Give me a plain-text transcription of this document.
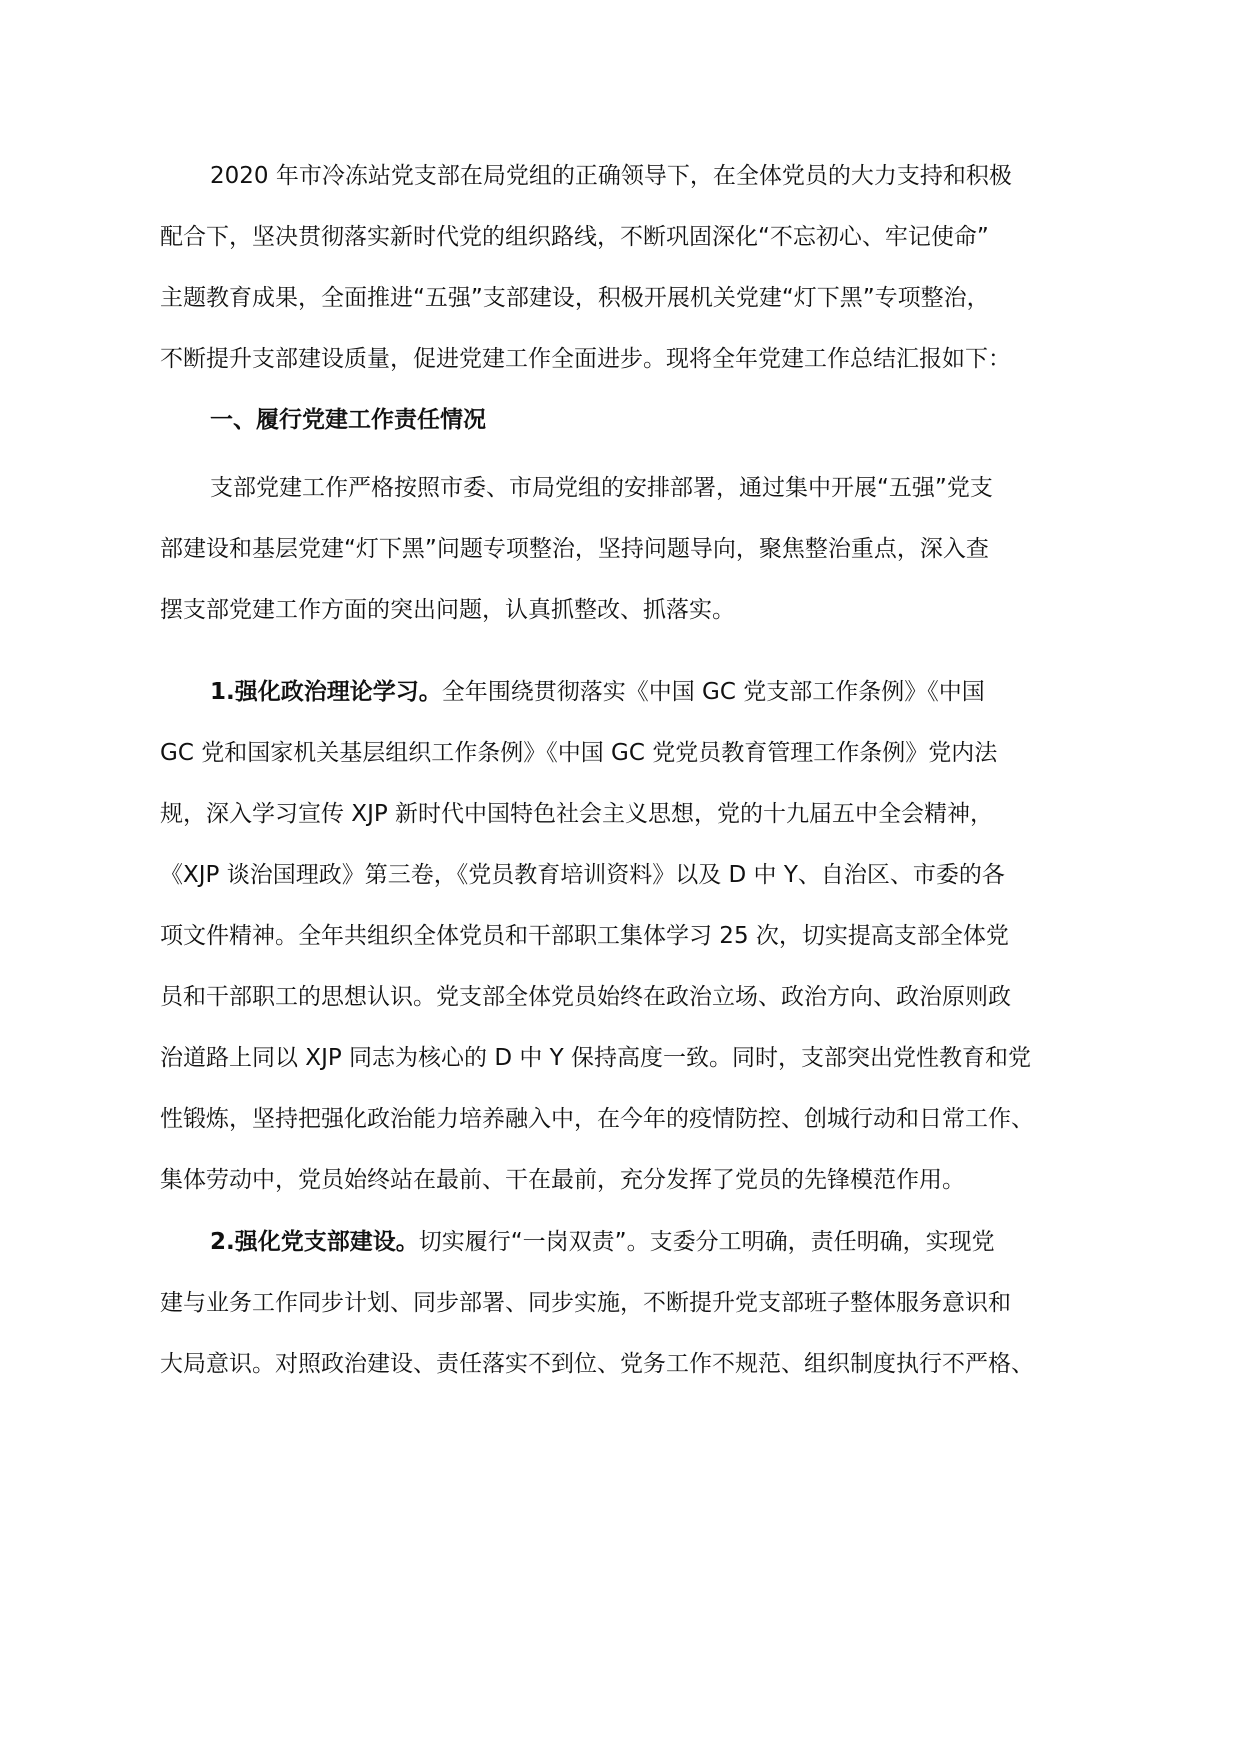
2020 年市冷冻站党支部在局党组的正确领导下，在全体党员的大力支持和积极
配合下，坚决贯彻落实新时代党的组织路线，不断巩固深化“不忘初心、牢记使命”
主题教育成果，全面推进“五强”支部建设，积极开展机关党建“灯下黑”专项整治，
不断提升支部建设质量，促进党建工作全面进步。现将全年党建工作总结汇报如下：
一、履行党建工作责任情况
支部党建工作严格按照市委、市局党组的安排部署，通过集中开展“五强”党支
部建设和基层党建“灯下黑”问题专项整治，坚持问题导向，聚焦整治重点，深入查
摆支部党建工作方面的突出问题，认真抓整改、抓落实。
1.强化政治理论学习。全年围绕贯彻落实《中国 GC 党支部工作条例》《中国
GC 党和国家机关基层组织工作条例》《中国 GC 党党员教育管理工作条例》党内法
规，深入学习宣传 XJP 新时代中国特色社会主义思想，党的十九届五中全会精神，
《XJP 谈治国理政》第三卷，《党员教育培训资料》以及 D 中 Y、自治区、市委的各
项文件精神。全年共组织全体党员和干部职工集体学习 25 次，切实提高支部全体党
员和干部职工的思想认识。党支部全体党员始终在政治立场、政治方向、政治原则政
治道路上同以 XJP 同志为核心的 D 中 Y 保持高度一致。同时，支部突出党性教育和党
性锻炼，坚持把强化政治能力培养融入中，在今年的疫情防控、创城行动和日常工作、
集体劳动中，党员始终站在最前、干在最前，充分发挥了党员的先锋模范作用。
2.强化党支部建设。切实履行“一岗双责”。支委分工明确，责任明确，实现党
建与业务工作同步计划、同步部署、同步实施，不断提升党支部班子整体服务意识和
大局意识。对照政治建设、责任落实不到位、党务工作不规范、组织制度执行不严格、
